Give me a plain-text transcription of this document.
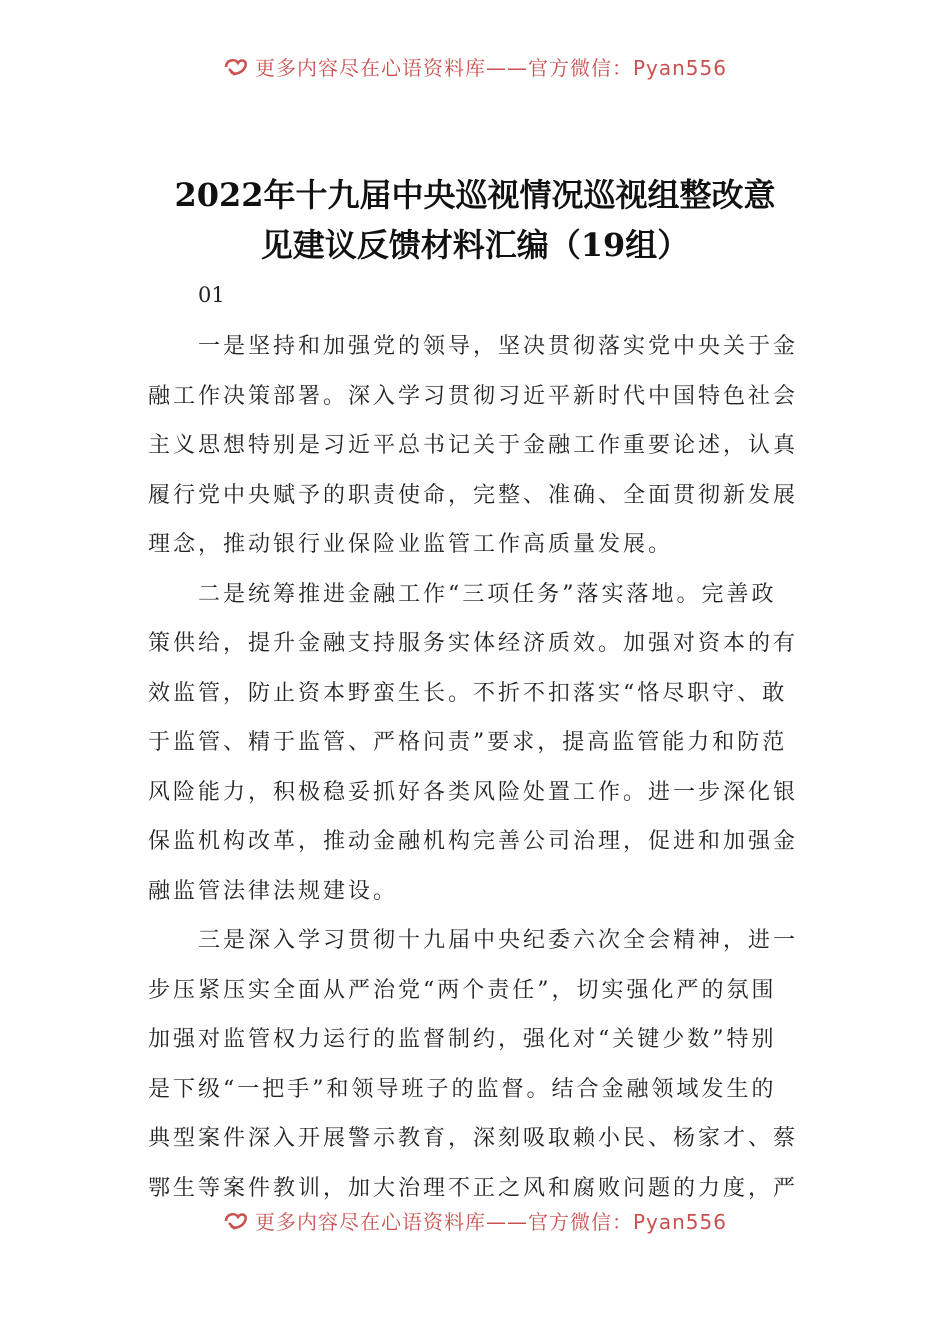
更多内容尽在心语资料库——官方微信：Pyan556
2022年十九届中央巡视情况巡视组整改意
见建议反馈材料汇编（19组）
01
一是坚持和加强党的领导，坚决贯彻落实党中央关于金
融工作决策部署。深入学习贯彻习近平新时代中国特色社会
主义思想特别是习近平总书记关于金融工作重要论述，认真
履行党中央赋予的职责使命，完整、准确、全面贯彻新发展
理念，推动银行业保险业监管工作高质量发展。
二是统筹推进金融工作“三项任务”落实落地。完善政
策供给，提升金融支持服务实体经济质效。加强对资本的有
效监管，防止资本野蛮生长。不折不扣落实“恪尽职守、敢
于监管、精于监管、严格问责”要求，提高监管能力和防范
风险能力，积极稳妥抓好各类风险处置工作。进一步深化银
保监机构改革，推动金融机构完善公司治理，促进和加强金
融监管法律法规建设。
三是深入学习贯彻十九届中央纪委六次全会精神，进一
步压紧压实全面从严治党“两个责任”，切实强化严的氛围
加强对监管权力运行的监督制约，强化对“关键少数”特别
是下级“一把手”和领导班子的监督。结合金融领域发生的
典型案件深入开展警示教育，深刻吸取赖小民、杨家才、蔡
鄂生等案件教训，加大治理不正之风和腐败问题的力度，严
更多内容尽在心语资料库——官方微信：Pyan556
